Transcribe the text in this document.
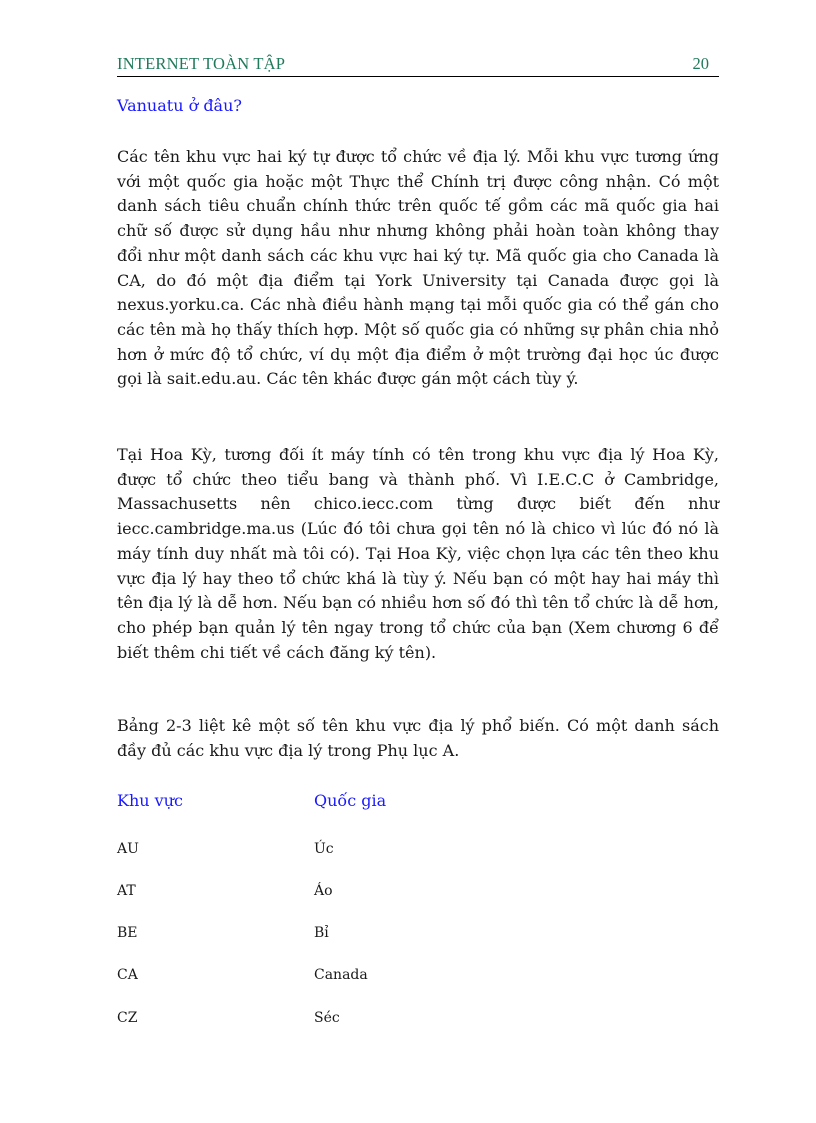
INTERNET TOÀN TẬP	20
Vanuatu ở đâu?

Các tên khu vực hai ký tự được tổ chức về địa lý. Mỗi khu vực tương ứng với một quốc gia hoặc một Thực thể Chính trị được công nhận. Có một danh sách tiêu chuẩn chính thức trên quốc tế gồm các mã quốc gia hai chữ số được sử dụng hầu như nhưng không phải hoàn toàn không thay đổi như một danh sách các khu vực hai ký tự. Mã quốc gia cho Canada là CA, do đó một địa điểm tại York University tại Canada được gọi là nexus.yorku.ca. Các nhà điều hành mạng tại mỗi quốc gia có thể gán cho các tên mà họ thấy thích hợp. Một số quốc gia có những sự phân chia nhỏ hơn ở mức độ tổ chức, ví dụ một địa điểm ở một trường đại học úc được gọi là sait.edu.au. Các tên khác được gán một cách tùy ý.

Tại Hoa Kỳ, tương đối ít máy tính có tên trong khu vực địa lý Hoa Kỳ, được tổ chức theo tiểu bang và thành phố. Vì I.E.C.C ở Cambridge, Massachusetts nên chico.iecc.com từng được biết đến như iecc.cambridge.ma.us (Lúc đó tôi chưa gọi tên nó là chico vì lúc đó nó là máy tính duy nhất mà tôi có). Tại Hoa Kỳ, việc chọn lựa các tên theo khu vực địa lý hay theo tổ chức khá là tùy ý. Nếu bạn có một hay hai máy thì tên địa lý là dễ hơn. Nếu bạn có nhiều hơn số đó thì tên tổ chức là dễ hơn, cho phép bạn quản lý tên ngay trong tổ chức của bạn (Xem chương 6 để biết thêm chi tiết về cách đăng ký tên).

Bảng 2-3 liệt kê một số tên khu vực địa lý phổ biến. Có một danh sách đầy đủ các khu vực địa lý trong Phụ lục A.

Khu vực	Quốc gia
AU	Úc
AT	Áo
BE	Bỉ
CA	Canada
CZ	Séc
